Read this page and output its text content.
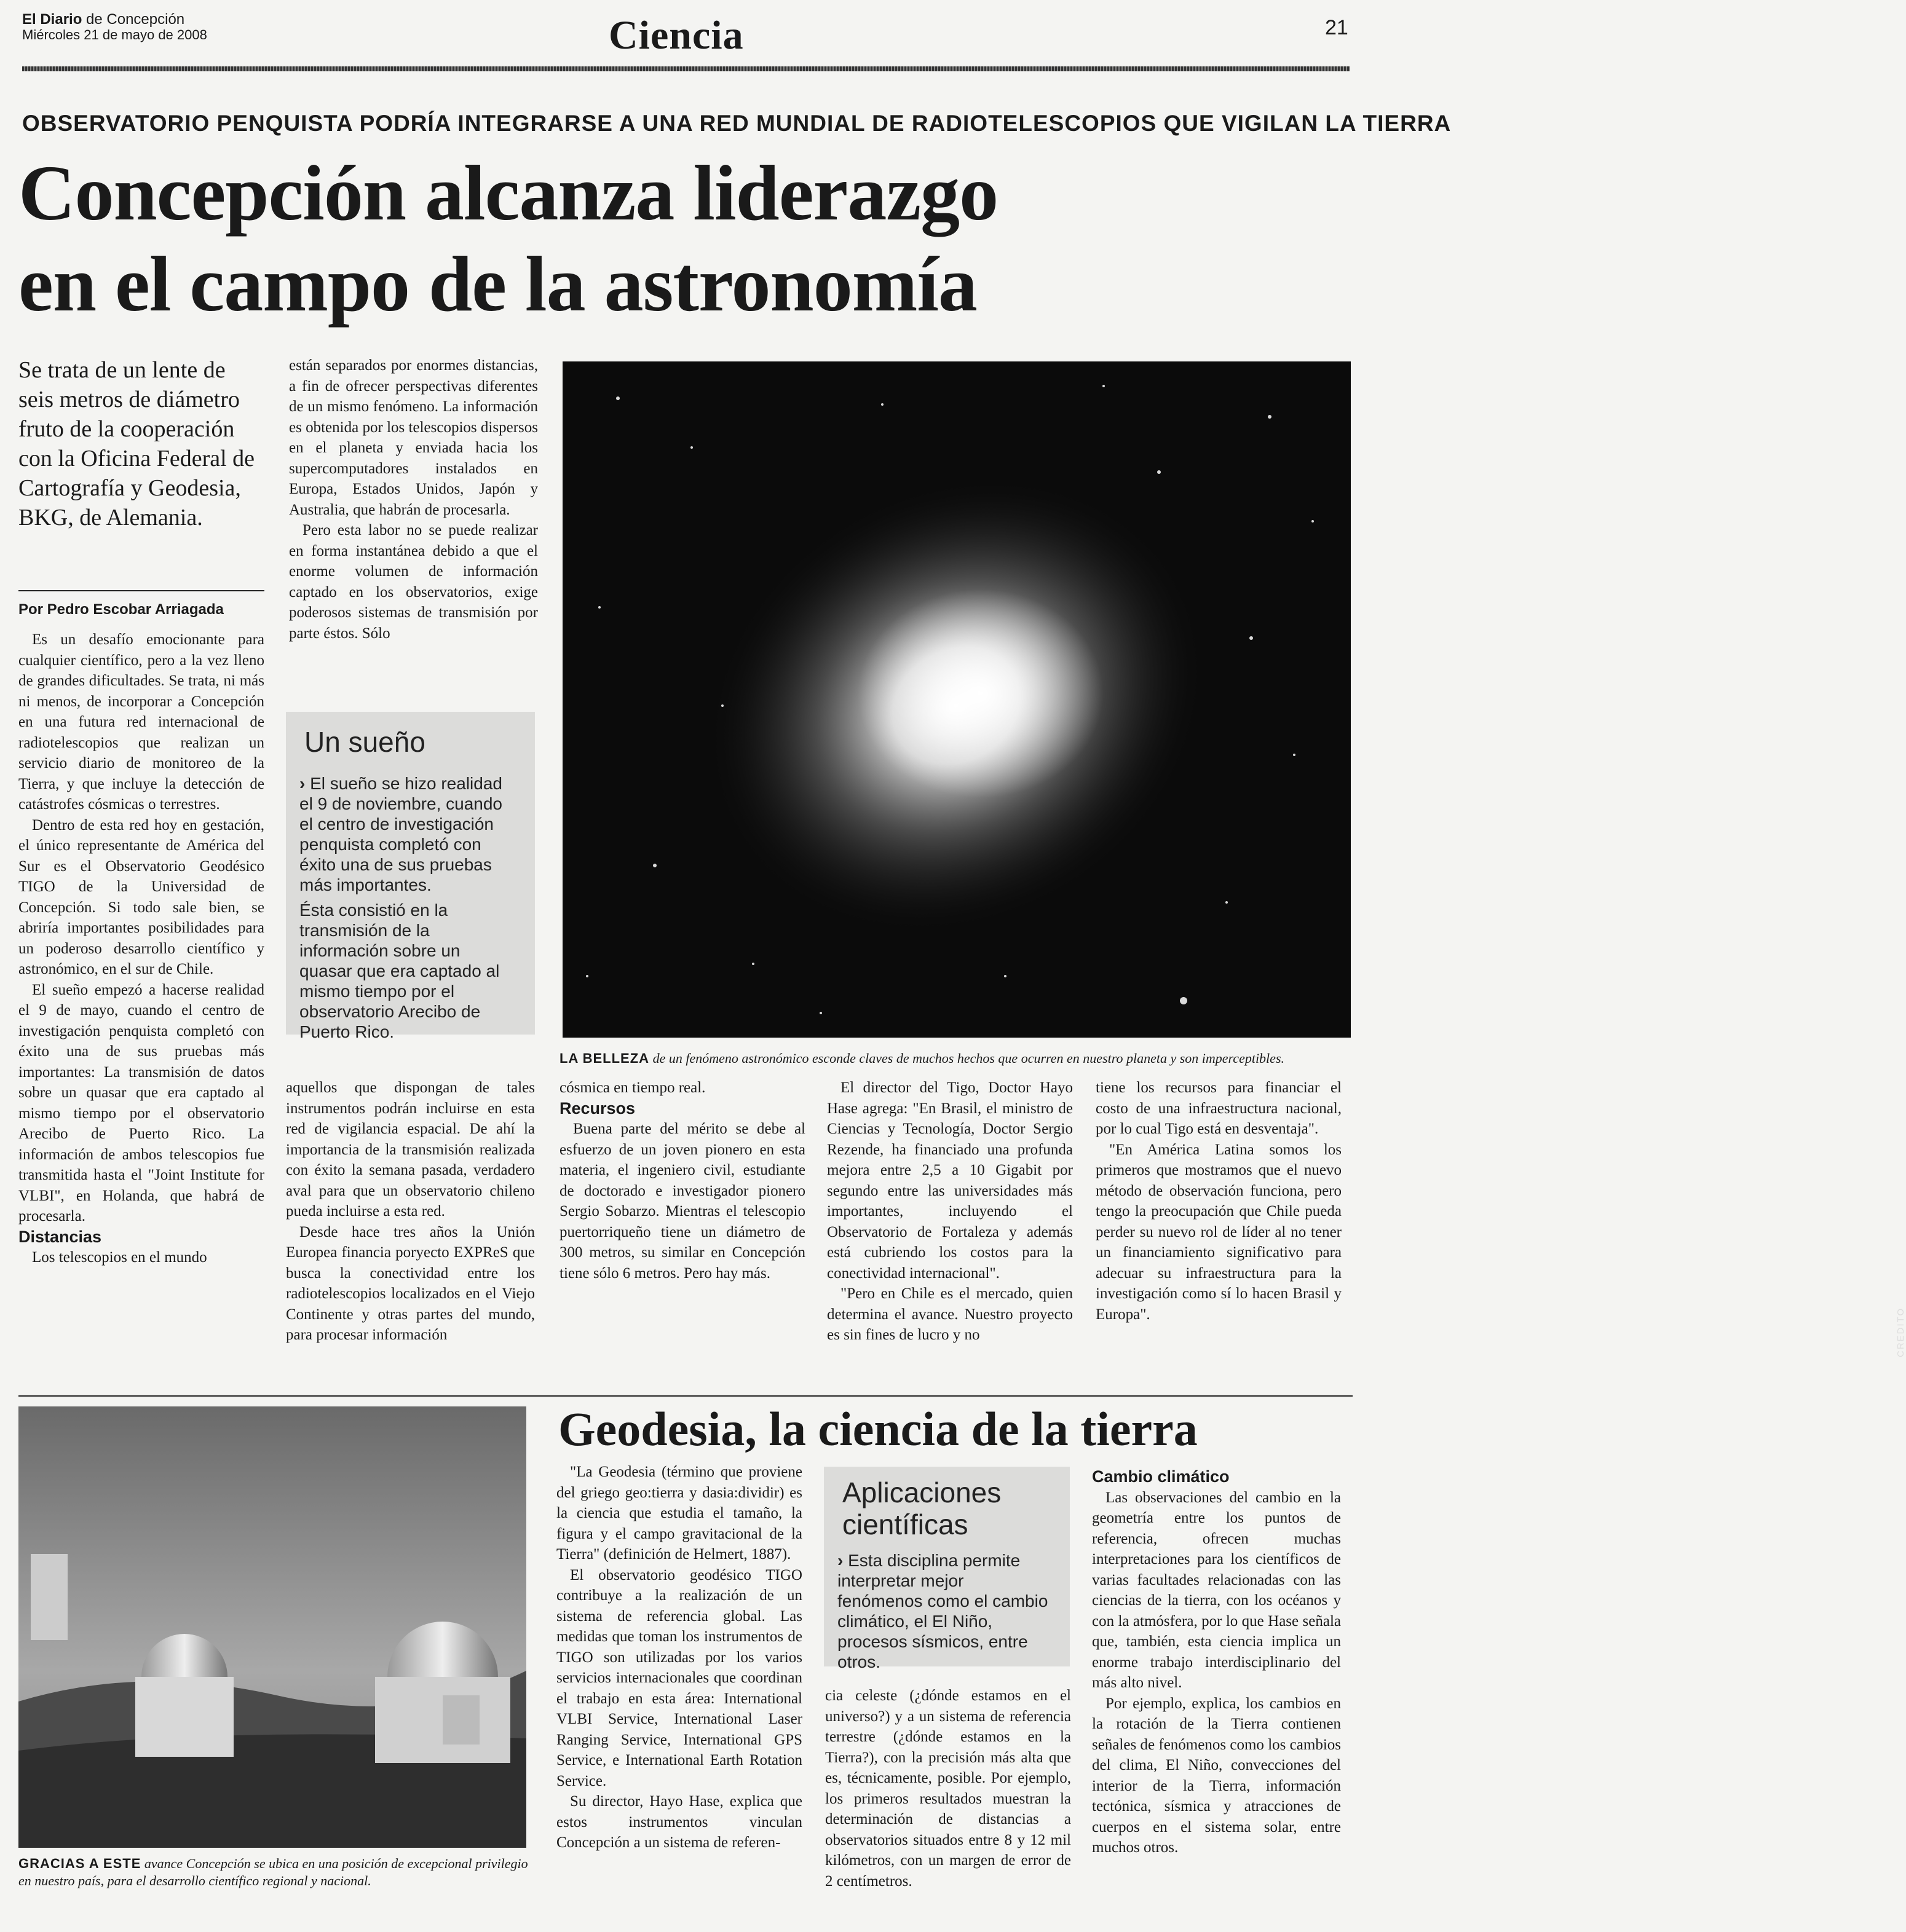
El Diario de Concepción
Miércoles 21 de mayo de 2008	Ciencia	21
OBSERVATORIO PENQUISTA PODRÍA INTEGRARSE A UNA RED MUNDIAL DE RADIOTELESCOPIOS QUE VIGILAN LA TIERRA
Concepción alcanza liderazgo
en el campo de la astronomía
Se trata de un lente de seis metros de diámetro fruto de la cooperación con la Oficina Federal de Cartografía y Geodesia, BKG, de Alemania.
Por Pedro Escobar Arriagada

Es un desafío emocionante para cualquier científico, pero a la vez lleno de grandes dificultades. Se trata, ni más ni menos, de incorporar a Concepción en una futura red internacional de radiotelescopios que realizan un servicio diario de monitoreo de la Tierra, y que incluye la detección de catástrofes cósmicas o terrestres.

Dentro de esta red hoy en gestación, el único representante de América del Sur es el Observatorio Geodésico TIGO de la Universidad de Concepción. Si todo sale bien, se abriría importantes posibilidades para un poderoso desarrollo científico y astronómico, en el sur de Chile.

El sueño empezó a hacerse realidad el 9 de mayo, cuando el centro de investigación penquista completó con éxito una de sus pruebas más importantes: La transmisión de datos sobre un quasar que era captado al mismo tiempo por el observatorio Arecibo de Puerto Rico. La información de ambos telescopios fue transmitida hasta el "Joint Institute for VLBI", en Holanda, que habrá de procesarla.

Distancias

Los telescopios en el mundo

están separados por enormes distancias, a fin de ofrecer perspectivas diferentes de un mismo fenómeno. La información es obtenida por los telescopios dispersos en el planeta y enviada hacia los supercomputadores instalados en Europa, Estados Unidos, Japón y Australia, que habrán de procesarla.

Pero esta labor no se puede realizar en forma instantánea debido a que el enorme volumen de información captado en los observatorios, exige poderosos sistemas de transmisión por parte éstos. Sólo

Un sueño
› El sueño se hizo realidad el 9 de noviembre, cuando el centro de investigación penquista completó con éxito una de sus pruebas más importantes.
Ésta consistió en la transmisión de la información sobre un quasar que era captado al mismo tiempo por el observatorio Arecibo de Puerto Rico.
CREDITO
LA BELLEZA de un fenómeno astronómico esconde claves de muchos hechos que ocurren en nuestro planeta y son imperceptibles.

aquellos que dispongan de tales instrumentos podrán incluirse en esta red de vigilancia espacial. De ahí la importancia de la transmisión realizada con éxito la semana pasada, verdadero aval para que un observatorio chileno pueda incluirse a esta red.

Desde hace tres años la Unión Europea financia poryecto EXPReS que busca la conectividad entre los radiotelescopios localizados en el Viejo Continente y otras partes del mundo, para procesar información

cósmica en tiempo real.

Recursos

Buena parte del mérito se debe al esfuerzo de un joven pionero en esta materia, el ingeniero civil, estudiante de doctorado e investigador pionero Sergio Sobarzo. Mientras el telescopio puertorriqueño tiene un diámetro de 300 metros, su similar en Concepción tiene sólo 6 metros. Pero hay más.

El director del Tigo, Doctor Hayo Hase agrega: "En Brasil, el ministro de Ciencias y Tecnología, Doctor Sergio Rezende, ha financiado una profunda mejora entre 2,5 a 10 Gigabit por segundo entre las universidades más importantes, incluyendo el Observatorio de Fortaleza y además está cubriendo los costos para la conectividad internacional".

"Pero en Chile es el mercado, quien determina el avance. Nuestro proyecto es sin fines de lucro y no

tiene los recursos para financiar el costo de una infraestructura nacional, por lo cual Tigo está en desventaja".

"En América Latina somos los primeros que mostramos que el nuevo método de observación funciona, pero tengo la preocupación que Chile pueda perder su nuevo rol de líder al no tener un financiamiento significativo para adecuar su infraestructura para la investigación como sí lo hacen Brasil y Europa".

GRACIAS A ESTE avance Concepción se ubica en una posición de excepcional privilegio en nuestro país, para el desarrollo científico regional y nacional.
Geodesia, la ciencia de la tierra

"La Geodesia (término que proviene del griego geo:tierra y dasia:dividir) es la ciencia que estudia el tamaño, la figura y el campo gravitacional de la Tierra" (definición de Helmert, 1887).

El observatorio geodésico TIGO contribuye a la realización de un sistema de referencia global. Las medidas que toman los instrumentos de TIGO son utilizadas por los varios servicios internacionales que coordinan el trabajo en esta área: International VLBI Service, International Laser Ranging Service, International GPS Service, e International Earth Rotation Service.

Su director, Hayo Hase, explica que estos instrumentos vinculan Concepción a un sistema de referen-

Aplicaciones
científicas
› Esta disciplina permite interpretar mejor fenómenos como el cambio climático, el El Niño, procesos sísmicos, entre otros.

cia celeste (¿dónde estamos en el universo?) y a un sistema de referencia terrestre (¿dónde estamos en la Tierra?), con la precisión más alta que es, técnicamente, posible. Por ejemplo, los primeros resultados muestran la determinación de distancias a observatorios situados entre 8 y 12 mil kilómetros, con un margen de error de 2 centímetros.

Cambio climático

Las observaciones del cambio en la geometría entre los puntos de referencia, ofrecen muchas interpretaciones para los científicos de varias facultades relacionadas con las ciencias de la tierra, con los océanos y con la atmósfera, por lo que Hase señala que, también, esta ciencia implica un enorme trabajo interdisciplinario del más alto nivel.

Por ejemplo, explica, los cambios en la rotación de la Tierra contienen señales de fenómenos como los cambios del clima, El Niño, convecciones del interior de la Tierra, información tectónica, sísmica y atracciones de cuerpos en el sistema solar, entre muchos otros.
